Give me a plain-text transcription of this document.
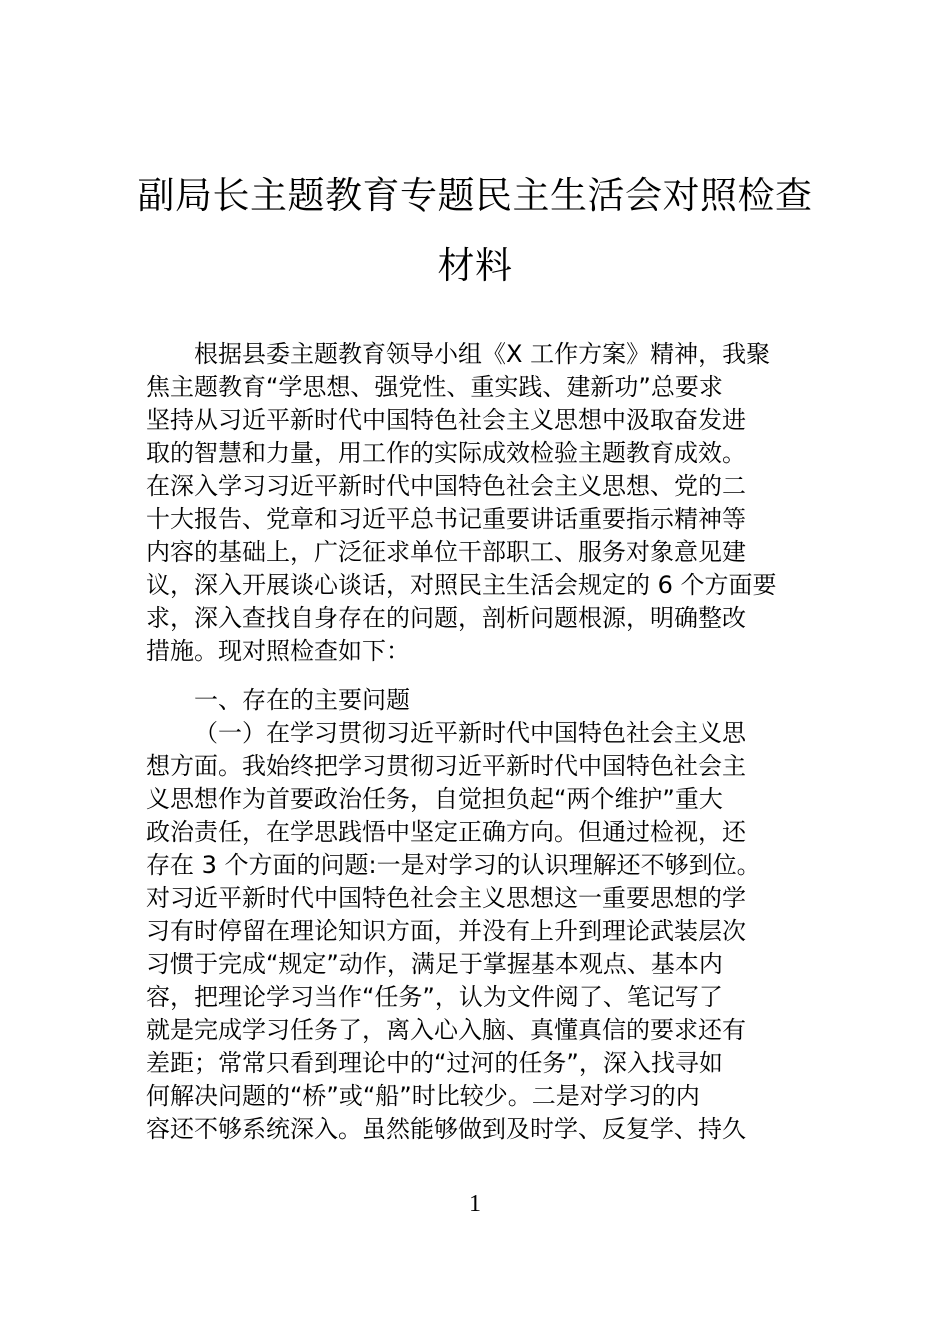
副局长主题教育专题民主生活会对照检查
材料
根据县委主题教育领导小组《X 工作方案》精神，我聚
焦主题教育“学思想、强党性、重实践、建新功”总要求
坚持从习近平新时代中国特色社会主义思想中汲取奋发进
取的智慧和力量，用工作的实际成效检验主题教育成效。
在深入学习习近平新时代中国特色社会主义思想、党的二
十大报告、党章和习近平总书记重要讲话重要指示精神等
内容的基础上，广泛征求单位干部职工、服务对象意见建
议，深入开展谈心谈话，对照民主生活会规定的 6 个方面要
求，深入查找自身存在的问题，剖析问题根源，明确整改
措施。现对照检查如下：
一、存在的主要问题
（一）在学习贯彻习近平新时代中国特色社会主义思
想方面。我始终把学习贯彻习近平新时代中国特色社会主
义思想作为首要政治任务，自觉担负起“两个维护”重大
政治责任，在学思践悟中坚定正确方向。但通过检视，还
存在 3 个方面的问题:一是对学习的认识理解还不够到位。
对习近平新时代中国特色社会主义思想这一重要思想的学
习有时停留在理论知识方面，并没有上升到理论武装层次
习惯于完成“规定”动作，满足于掌握基本观点、基本内
容，把理论学习当作“任务”，认为文件阅了、笔记写了
就是完成学习任务了，离入心入脑、真懂真信的要求还有
差距；常常只看到理论中的“过河的任务”，深入找寻如
何解决问题的“桥”或“船”时比较少。二是对学习的内
容还不够系统深入。虽然能够做到及时学、反复学、持久
1
